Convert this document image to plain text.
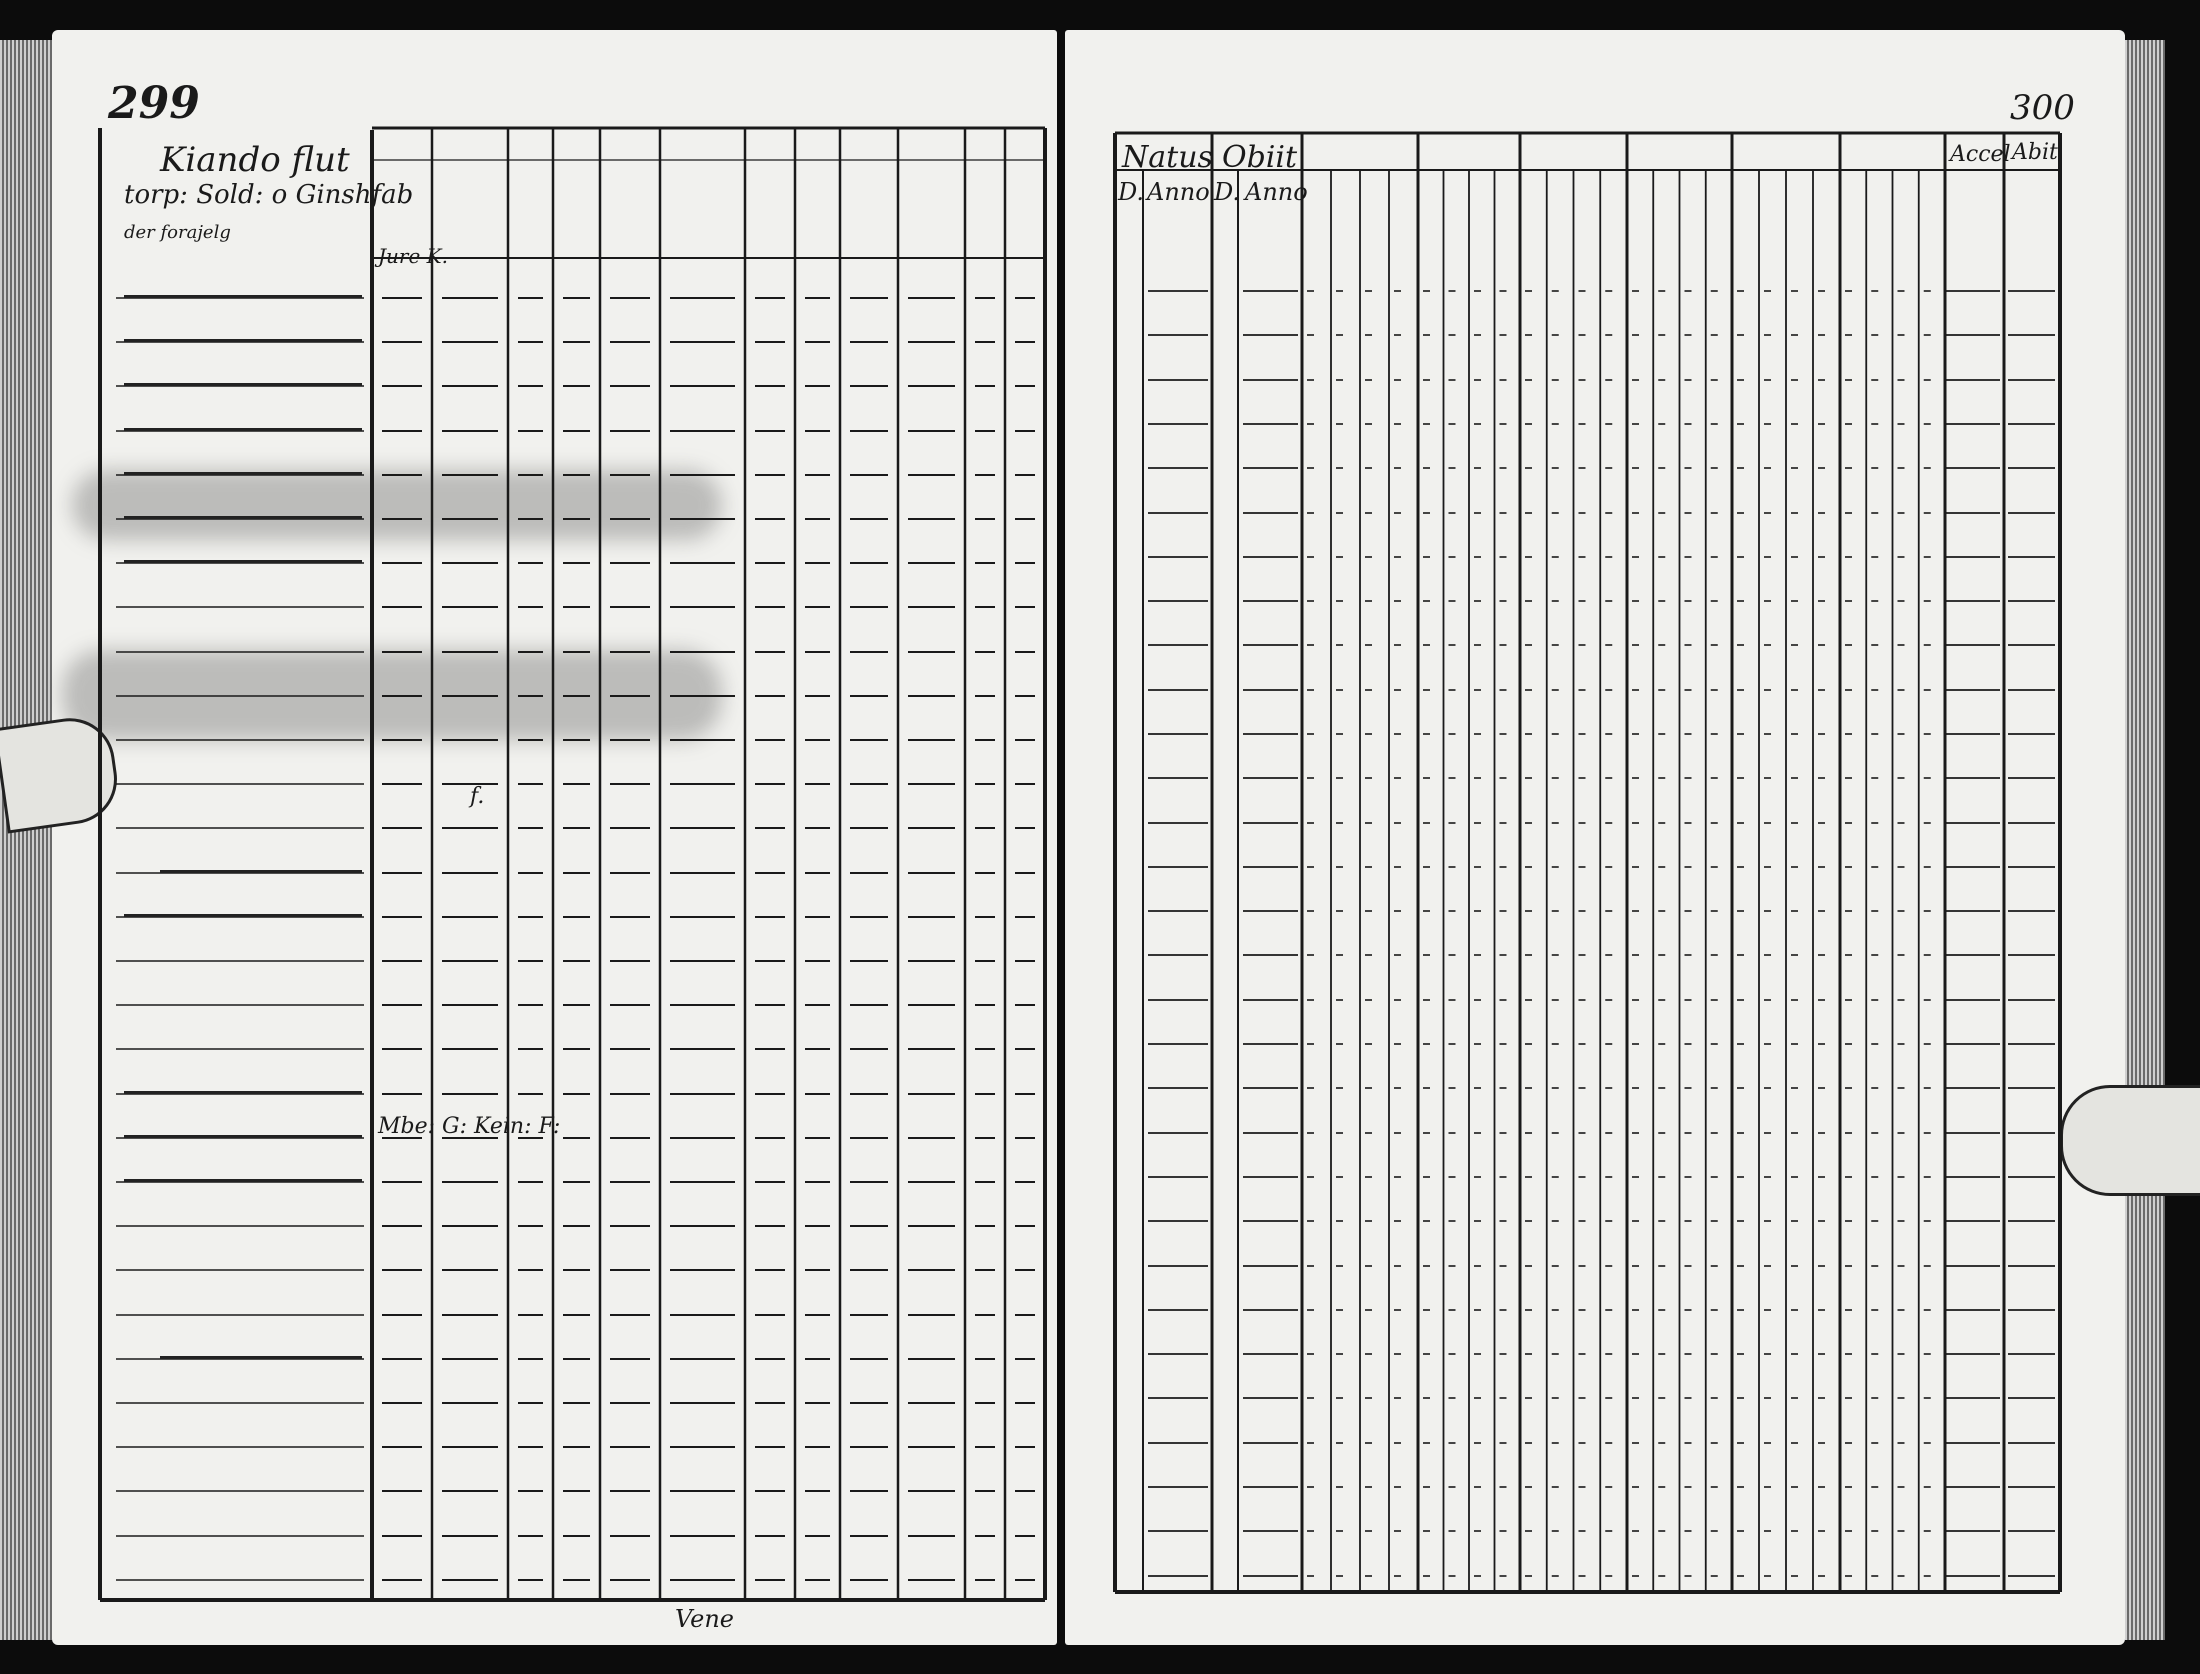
299
Kiando flut
torp: Sold: o Ginshfab
der forajelg
Jure K.
f.
Mbe: G: Kein: F:
Vene
300
Natus Obiit
D. Anno D. Anno
Accel Abit
